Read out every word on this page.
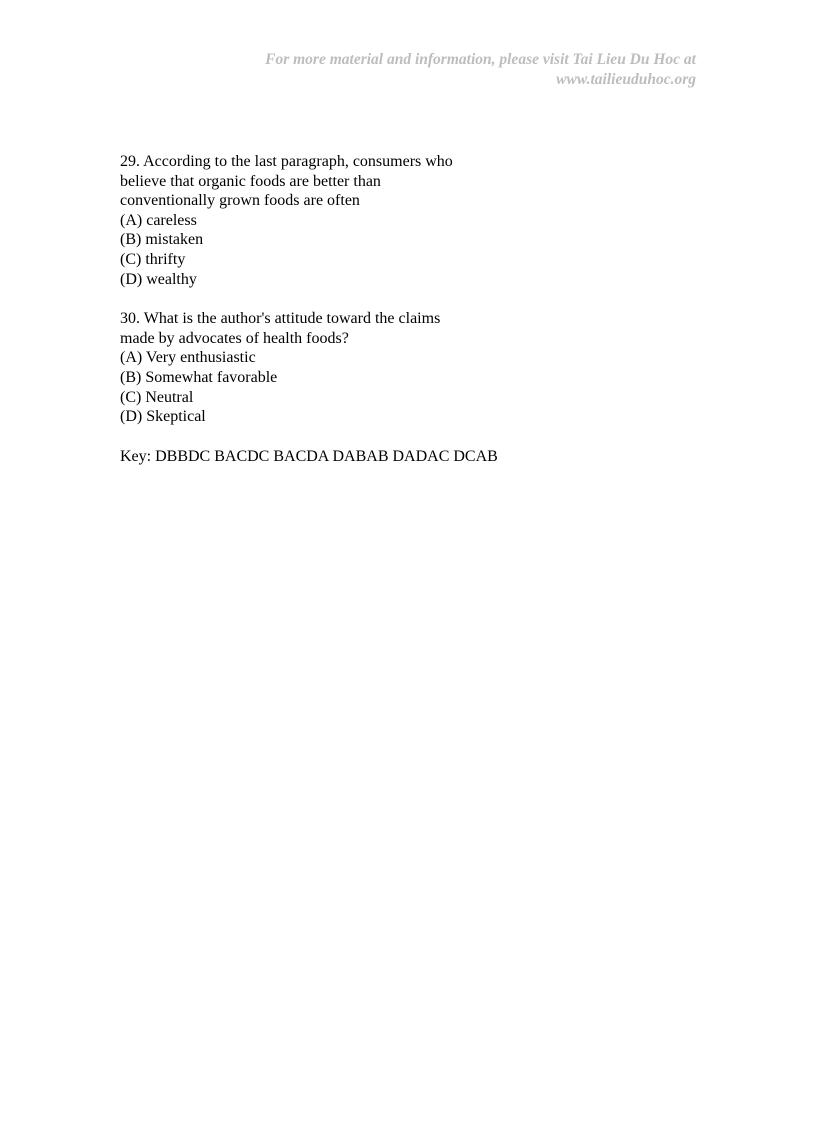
For more material and information, please visit Tai Lieu Du Hoc at
www.tailieuduhoc.org
29. According to the last paragraph, consumers who
believe that organic foods are better than
conventionally grown foods are often
(A) careless
(B) mistaken
(C) thrifty
(D) wealthy
30. What is the author's attitude toward the claims
made by advocates of health foods?
(A) Very enthusiastic
(B) Somewhat favorable
(C) Neutral
(D) Skeptical
Key: DBBDC BACDC BACDA DABAB DADAC DCAB
